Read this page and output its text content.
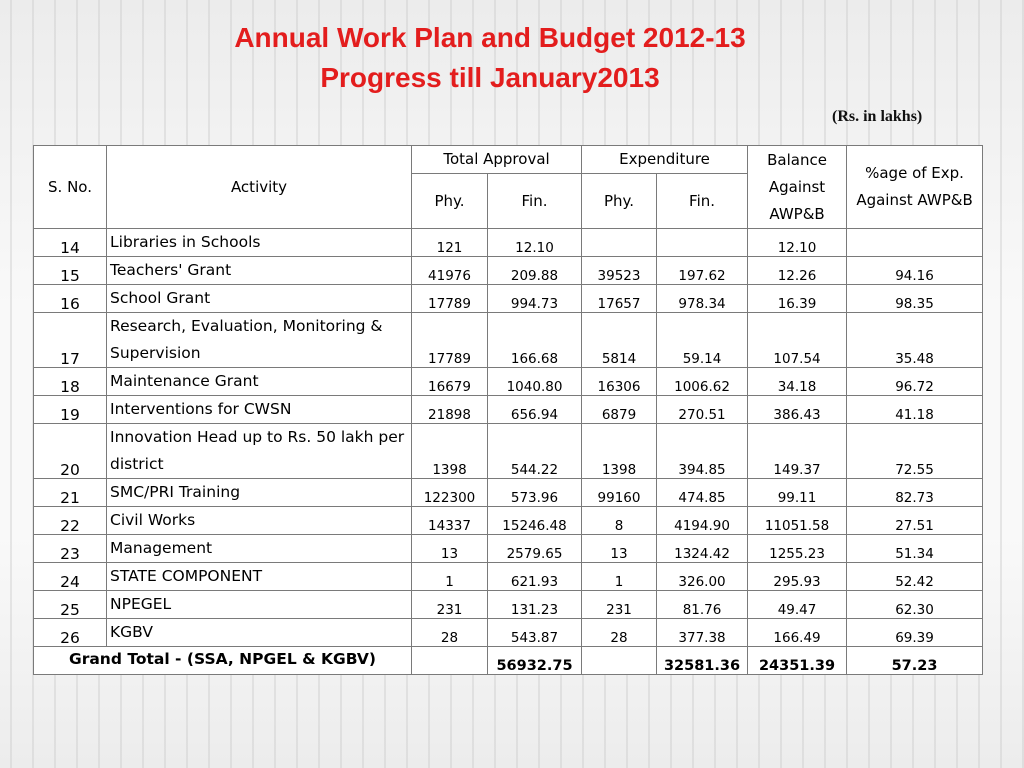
Annual Work Plan and Budget 2012-13
Progress till January2013
(Rs. in lakhs)
S. No.	Activity	Total Approval		Expenditure		Balance Against AWP&B	%age of Exp. Against AWP&B
		Phy.	Fin.	Phy.	Fin.		
14	Libraries in Schools	121	12.10			12.10	
15	Teachers' Grant	41976	209.88	39523	197.62	12.26	94.16
16	School Grant	17789	994.73	17657	978.34	16.39	98.35
17	Research, Evaluation, Monitoring & Supervision	17789	166.68	5814	59.14	107.54	35.48
18	Maintenance Grant	16679	1040.80	16306	1006.62	34.18	96.72
19	Interventions for CWSN	21898	656.94	6879	270.51	386.43	41.18
20	Innovation Head up to Rs. 50 lakh per district	1398	544.22	1398	394.85	149.37	72.55
21	SMC/PRI Training	122300	573.96	99160	474.85	99.11	82.73
22	Civil Works	14337	15246.48	8	4194.90	11051.58	27.51
23	Management	13	2579.65	13	1324.42	1255.23	51.34
24	STATE COMPONENT	1	621.93	1	326.00	295.93	52.42
25	NPEGEL	231	131.23	231	81.76	49.47	62.30
26	KGBV	28	543.87	28	377.38	166.49	69.39
Grand Total - (SSA, NPGEL & KGBV)			56932.75		32581.36	24351.39	57.23
